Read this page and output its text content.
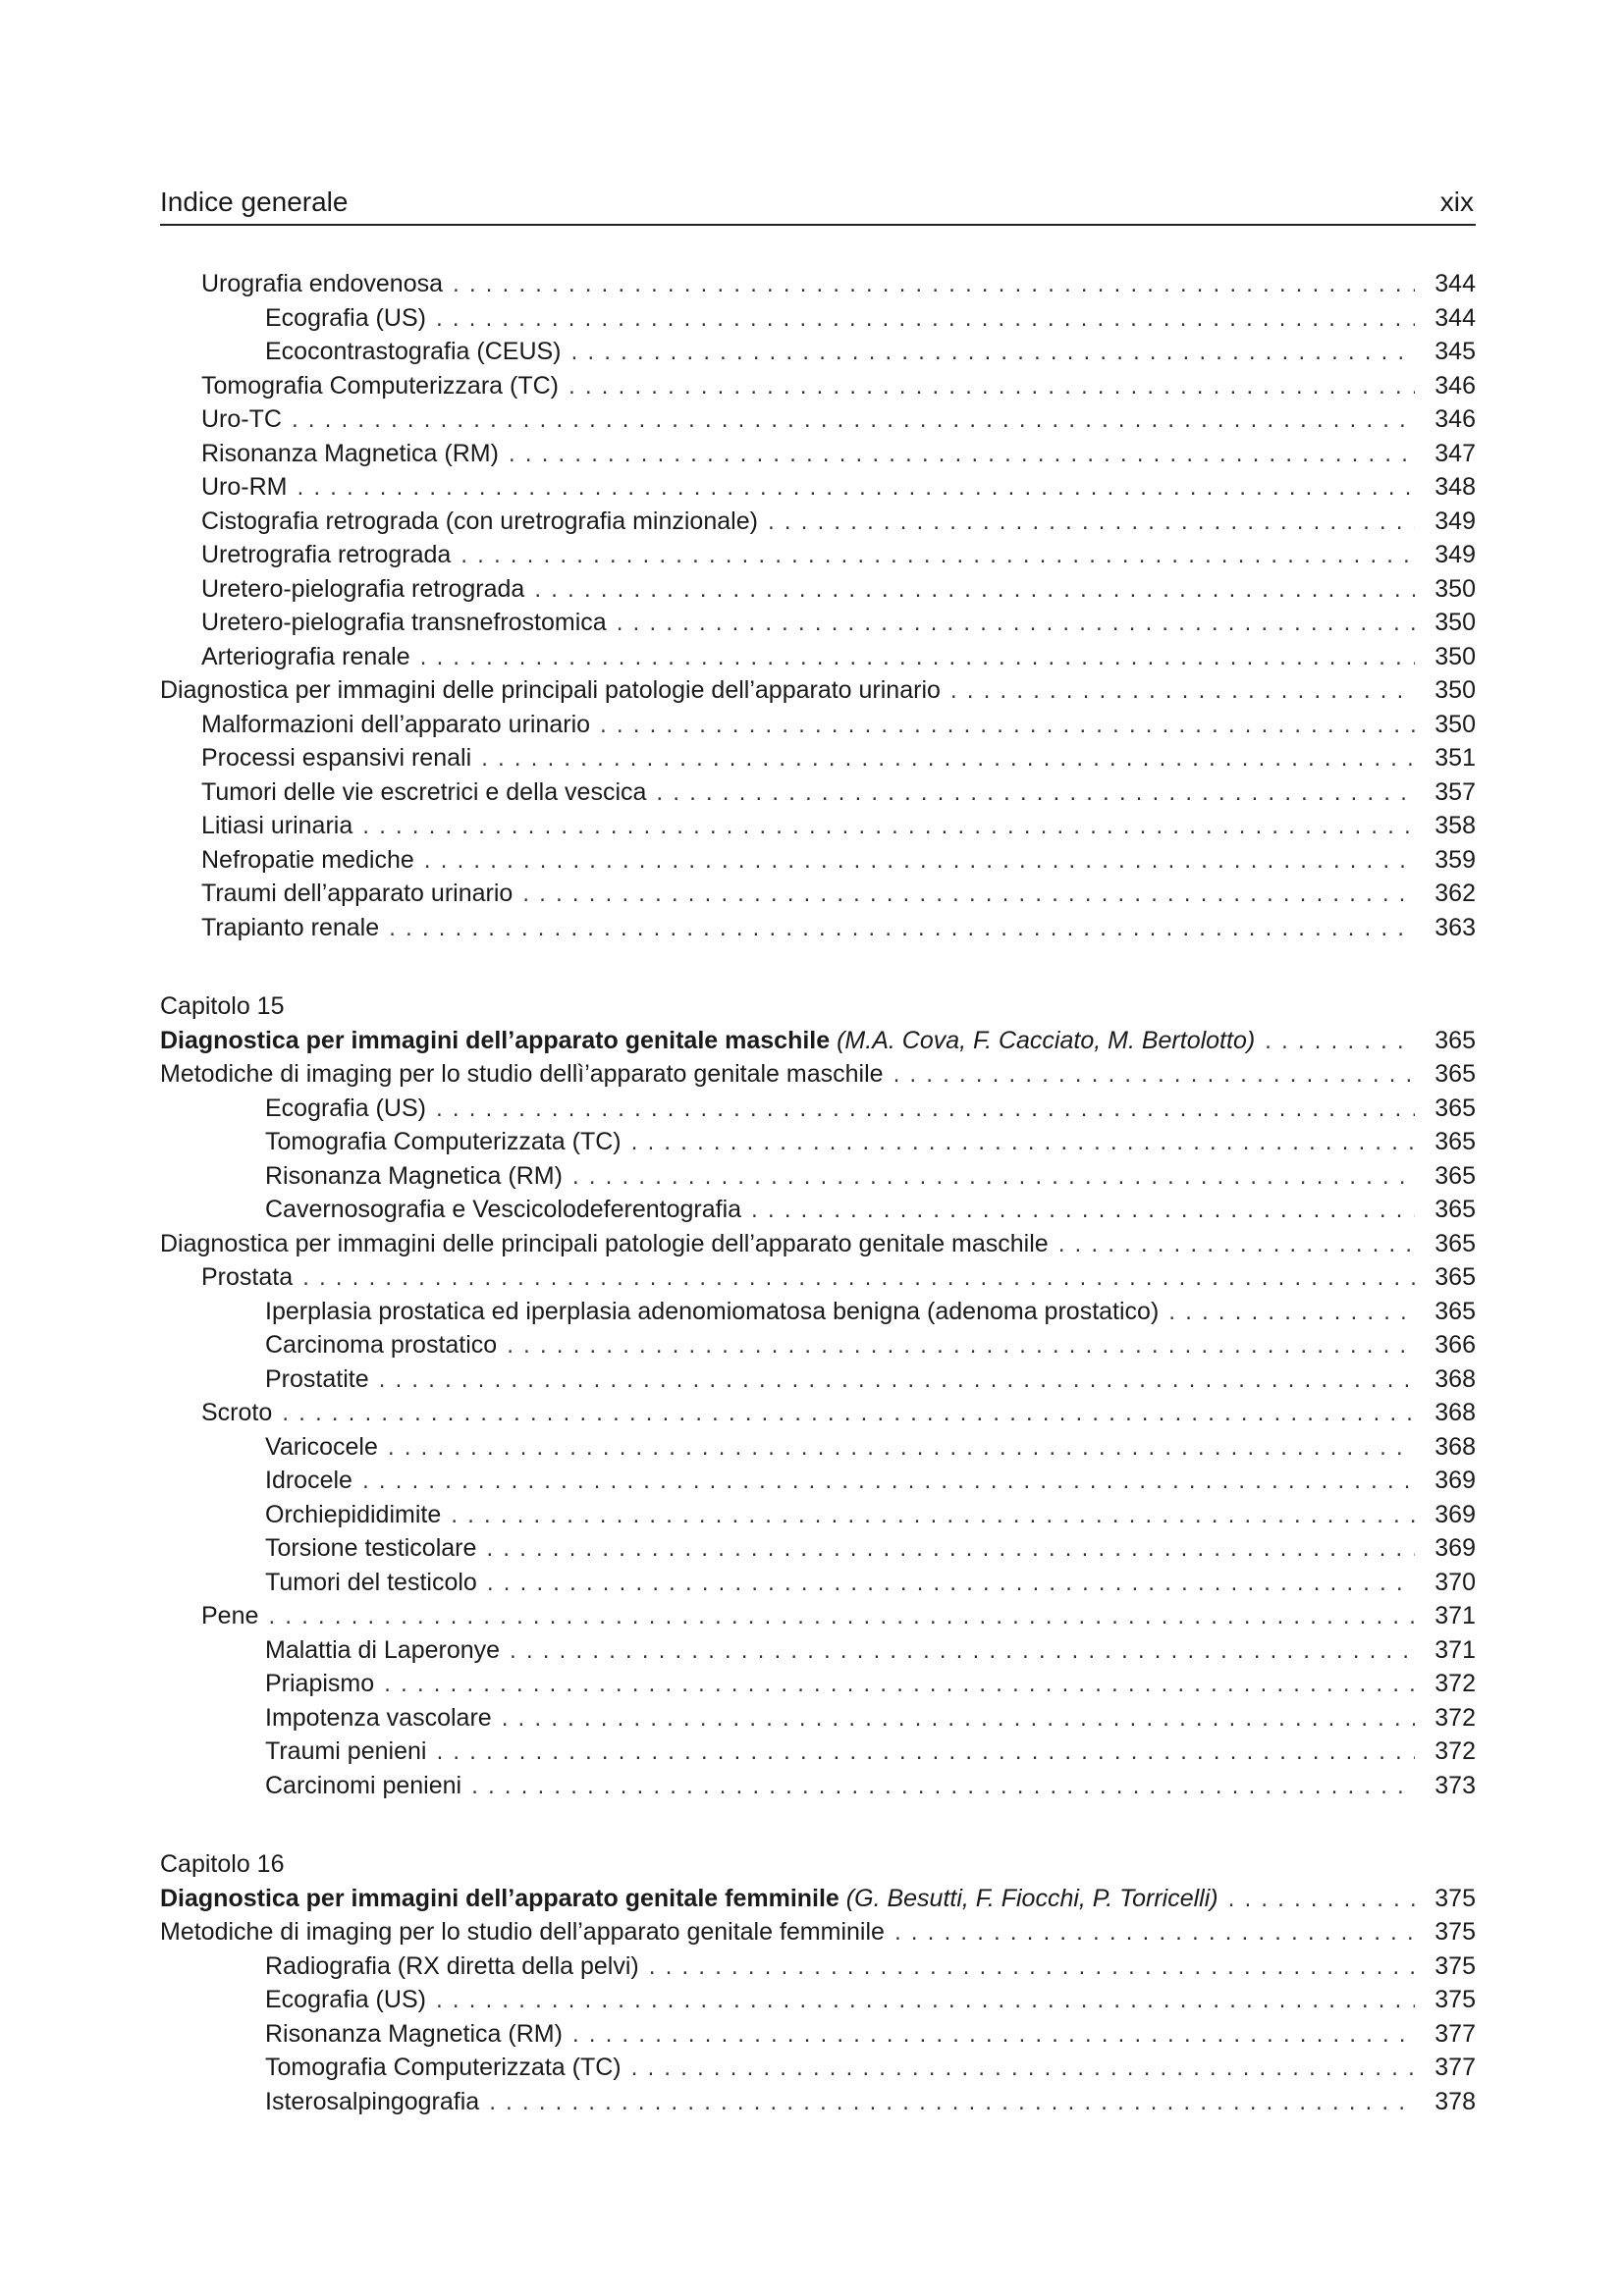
Indice generale	xix
Urografia endovenosa .....	344
Ecografia (US) .....	344
Ecocontrastografia (CEUS) .....	345
Tomografia Computerizzara (TC) .....	346
Uro-TC .....	346
Risonanza Magnetica (RM) .....	347
Uro-RM .....	348
Cistografia retrograda (con uretrografia minzionale) .....	349
Uretrografia retrograda .....	349
Uretero-pielografia retrograda .....	350
Uretero-pielografia transnefrostomica .....	350
Arteriografia renale .....	350
Diagnostica per immagini delle principali patologie dell’apparato urinario .....	350
Malformazioni dell’apparato urinario .....	350
Processi espansivi renali .....	351
Tumori delle vie escretrici e della vescica .....	357
Litiasi urinaria .....	358
Nefropatie mediche .....	359
Traumi dell’apparato urinario .....	362
Trapianto renale .....	363
Capitolo 15
Diagnostica per immagini dell’apparato genitale maschile (M.A. Cova, F. Cacciato, M. Bertolotto) .....	365
Metodiche di imaging per lo studio dellì’apparato genitale maschile .....	365
Ecografia (US) .....	365
Tomografia Computerizzata (TC) .....	365
Risonanza Magnetica (RM) .....	365
Cavernosografia e Vescicolodeferentografia .....	365
Diagnostica per immagini delle principali patologie dell’apparato genitale maschile .....	365
Prostata .....	365
Iperplasia prostatica ed iperplasia adenomiomatosa benigna (adenoma prostatico) .....	365
Carcinoma prostatico .....	366
Prostatite .....	368
Scroto .....	368
Varicocele .....	368
Idrocele .....	369
Orchiepididimite .....	369
Torsione testicolare .....	369
Tumori del testicolo .....	370
Pene .....	371
Malattia di Laperonye .....	371
Priapismo .....	372
Impotenza vascolare .....	372
Traumi penieni .....	372
Carcinomi penieni .....	373
Capitolo 16
Diagnostica per immagini dell’apparato genitale femminile (G. Besutti, F. Fiocchi, P. Torricelli) .....	375
Metodiche di imaging per lo studio dell’apparato genitale femminile .....	375
Radiografia (RX diretta della pelvi) .....	375
Ecografia (US) .....	375
Risonanza Magnetica (RM) .....	377
Tomografia Computerizzata (TC) .....	377
Isterosalpingografia .....	378
